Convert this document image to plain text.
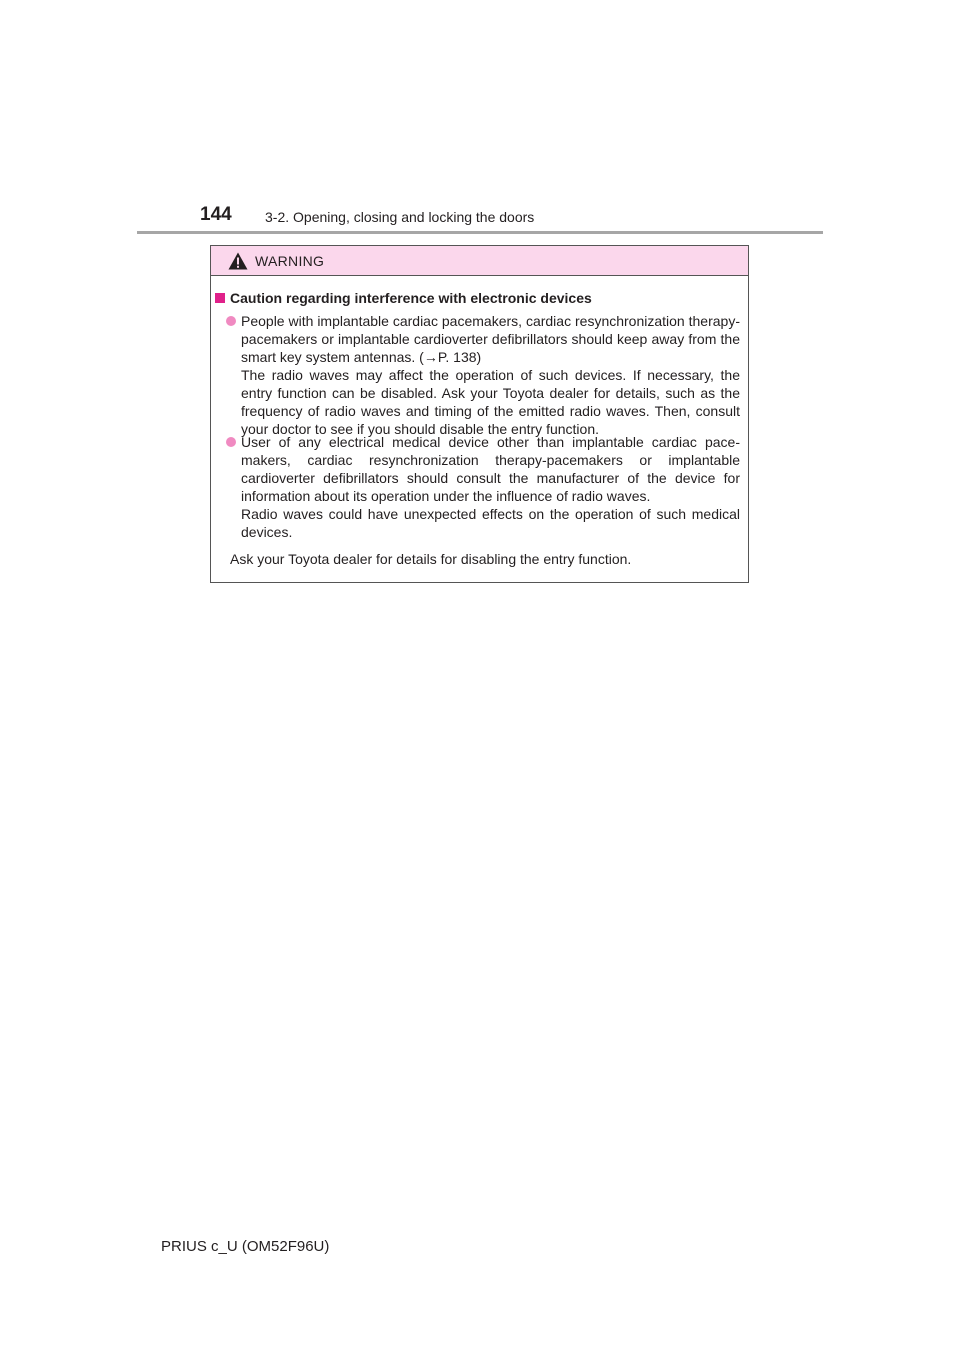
144 3-2. Opening, closing and locking the doors
WARNING
Caution regarding interference with electronic devices

People with implantable cardiac pacemakers, cardiac resynchronization therapy-pacemakers or implantable cardioverter defibrillators should keep away from the smart key system antennas. (→P. 138)

The radio waves may affect the operation of such devices. If necessary, the entry function can be disabled. Ask your Toyota dealer for details, such as the frequency of radio waves and timing of the emitted radio waves. Then, consult your doctor to see if you should disable the entry function.

User of any electrical medical device other than implantable cardiac pace-makers, cardiac resynchronization therapy-pacemakers or implantable cardioverter defibrillators should consult the manufacturer of the device for information about its operation under the influence of radio waves.

Radio waves could have unexpected effects on the operation of such medical devices.

Ask your Toyota dealer for details for disabling the entry function.
PRIUS c_U (OM52F96U)
